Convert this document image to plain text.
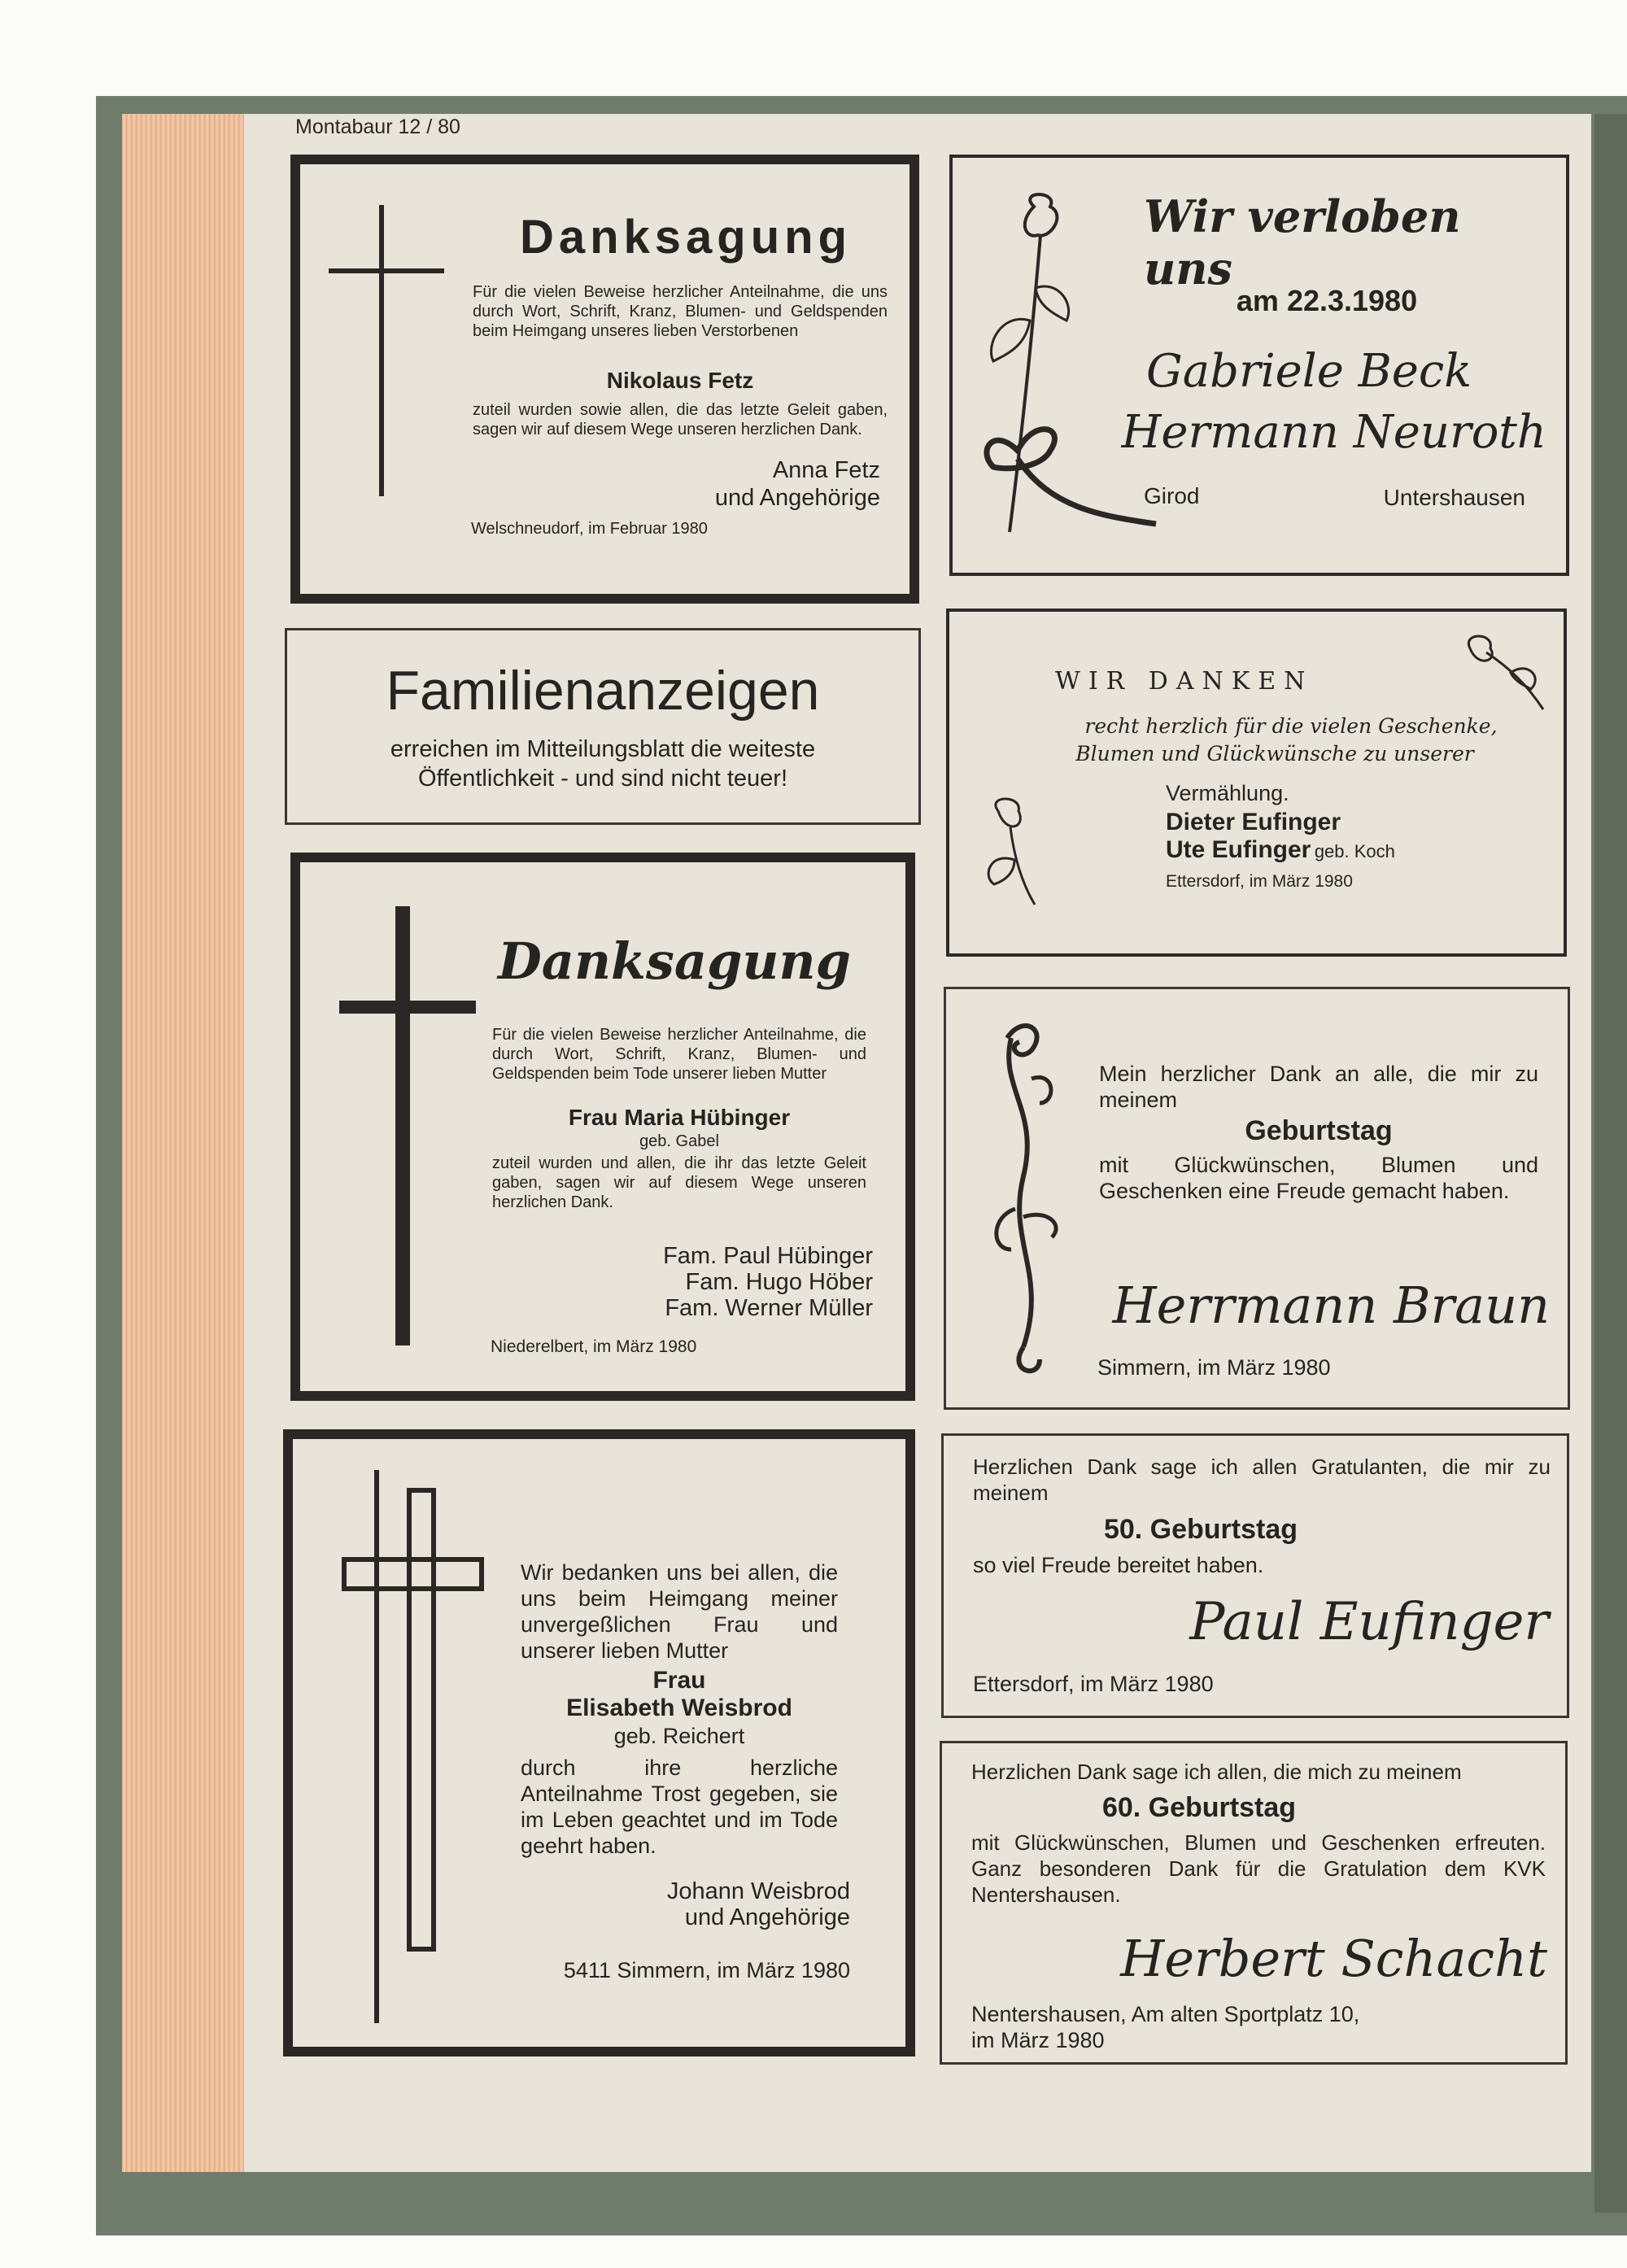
Montabaur 12 / 80
Danksagung
Für die vielen Beweise herzlicher Anteilnahme, die uns durch Wort, Schrift, Kranz, Blumen- und Geldspenden beim Heimgang unseres lieben Verstorbenen
Nikolaus Fetz
zuteil wurden sowie allen, die das letzte Geleit gaben, sagen wir auf diesem Wege unseren herzlichen Dank.
Anna Fetz
und Angehörige
Welschneudorf, im Februar 1980
Familienanzeigen
erreichen im Mitteilungsblatt die weiteste
Öffentlichkeit - und sind nicht teuer!
Danksagung
Für die vielen Beweise herzlicher Anteilnahme, die durch Wort, Schrift, Kranz, Blumen- und Geldspenden beim Tode unserer lieben Mutter
Frau Maria Hübinger
geb. Gabel
zuteil wurden und allen, die ihr das letzte Geleit gaben, sagen wir auf diesem Wege unseren herzlichen Dank.
Fam. Paul Hübinger
Fam. Hugo Höber
Fam. Werner Müller
Niederelbert, im März 1980
Wir bedanken uns bei allen, die uns beim Heimgang meiner unvergeßlichen Frau und unserer lieben Mutter
Frau
Elisabeth Weisbrod
geb. Reichert
durch ihre herzliche Anteilnahme Trost gegeben, sie im Leben geachtet und im Tode geehrt haben.
Johann Weisbrod
und Angehörige
5411 Simmern, im März 1980
Wir verloben uns
am 22.3.1980
Gabriele Beck
Hermann Neuroth
Girod	Untershausen
WIR DANKEN
recht herzlich für die vielen Geschenke,
Blumen und Glückwünsche zu unserer
Vermählung.
Dieter Eufinger
Ute Eufinger geb. Koch
Ettersdorf, im März 1980
Mein herzlicher Dank an alle, die mir zu meinem
Geburtstag
mit Glückwünschen, Blumen und Geschenken eine Freude gemacht haben.
Herrmann Braun
Simmern, im März 1980
Herzlichen Dank sage ich allen Gratulanten, die mir zu meinem
50. Geburtstag
so viel Freude bereitet haben.
Paul Eufinger
Ettersdorf, im März 1980
Herzlichen Dank sage ich allen, die mich zu meinem
60. Geburtstag
mit Glückwünschen, Blumen und Geschenken erfreuten. Ganz besonderen Dank für die Gratulation dem KVK Nentershausen.
Herbert Schacht
Nentershausen, Am alten Sportplatz 10,
im März 1980
